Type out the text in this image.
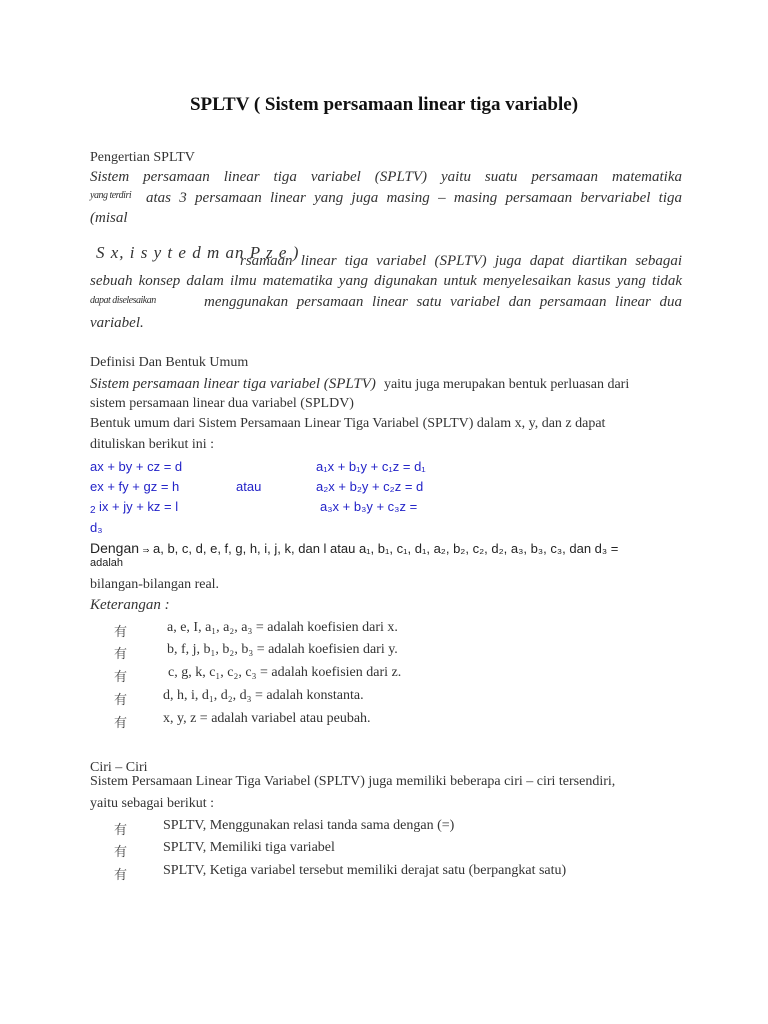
SPLTV ( Sistem persamaan linear tiga variable)
Pengertian SPLTV
Sistem persamaan linear tiga variabel (SPLTV) yaitu suatu persamaan matematika
yang terdiri atas 3 persamaan linear yang juga masing – masing persamaan bervariabel tiga
(misal
S x, i s y t e d m an P z e )
rsamaan linear tiga variabel (SPLTV) juga dapat diartikan sebagai
sebuah konsep dalam ilmu matematika yang digunakan untuk menyelesaikan kasus yang tidak
dapat diselesaikan	menggunakan persamaan linear satu variabel dan persamaan linear dua
variabel.
Definisi Dan Bentuk Umum
Sistem persamaan linear tiga variabel (SPLTV) yaitu juga merupakan bentuk perluasan dari
sistem persamaan linear dua variabel (SPLDV)
Bentuk umum dari Sistem Persamaan Linear Tiga Variabel (SPLTV) dalam x, y, dan z dapat
dituliskan berikut ini :
ax + by + cz = d
ex + fy + gz = h
2 ix + jy + kz = l
atau
a₁x + b₁y + c₁z = d₁
a₂x + b₂y + c₂z = d
a₃x + b₃y + c₃z =
d₃
Dengan ⇒ a, b, c, d, e, f, g, h, i, j, k, dan l atau a₁, b₁, c₁, d₁, a₂, b₂, c₂, d₂, a₃, b₃, c₃, dan d₃ =
adalah
bilangan-bilangan real.
Keterangan :
有	a, e, I, a₁, a₂, a₃ = adalah koefisien dari x.
有	b, f, j, b₁, b₂, b₃ = adalah koefisien dari y.
有	c, g, k, c₁, c₂, c₃ = adalah koefisien dari z.
有	d, h, i, d₁, d₂, d₃ = adalah konstanta.
有	x, y, z = adalah variabel atau peubah.
Ciri – Ciri
Sistem Persamaan Linear Tiga Variabel (SPLTV) juga memiliki beberapa ciri – ciri tersendiri,
yaitu sebagai berikut :
有	SPLTV, Menggunakan relasi tanda sama dengan (=)
有	SPLTV, Memiliki tiga variabel
有	SPLTV, Ketiga variabel tersebut memiliki derajat satu (berpangkat satu)
